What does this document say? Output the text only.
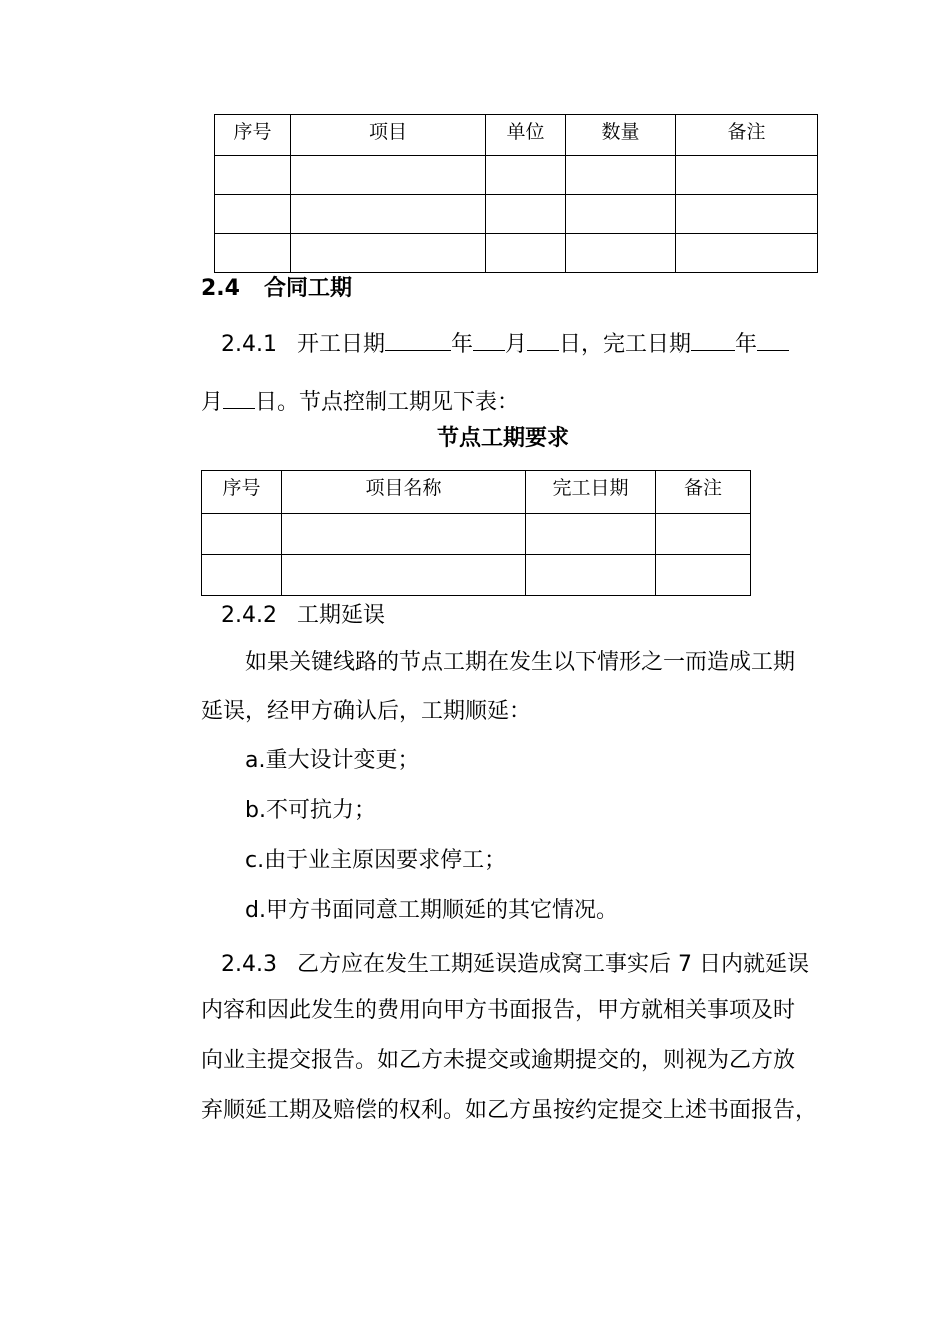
序号	项目	单位	数量	备注

2.4 合同工期
2.4.1 开工日期	年 月 日，完工日期 年
月 日。节点控制工期见下表：
节点工期要求
序号	项目名称	完工日期	备注

2.4.2 工期延误
如果关键线路的节点工期在发生以下情形之一而造成工期
延误，经甲方确认后，工期顺延：
a.重大设计变更；
b.不可抗力；
c.由于业主原因要求停工；
d.甲方书面同意工期顺延的其它情况。
2.4.3 乙方应在发生工期延误造成窝工事实后 7 日内就延误
内容和因此发生的费用向甲方书面报告，甲方就相关事项及时
向业主提交报告。如乙方未提交或逾期提交的，则视为乙方放
弃顺延工期及赔偿的权利。如乙方虽按约定提交上述书面报告，
